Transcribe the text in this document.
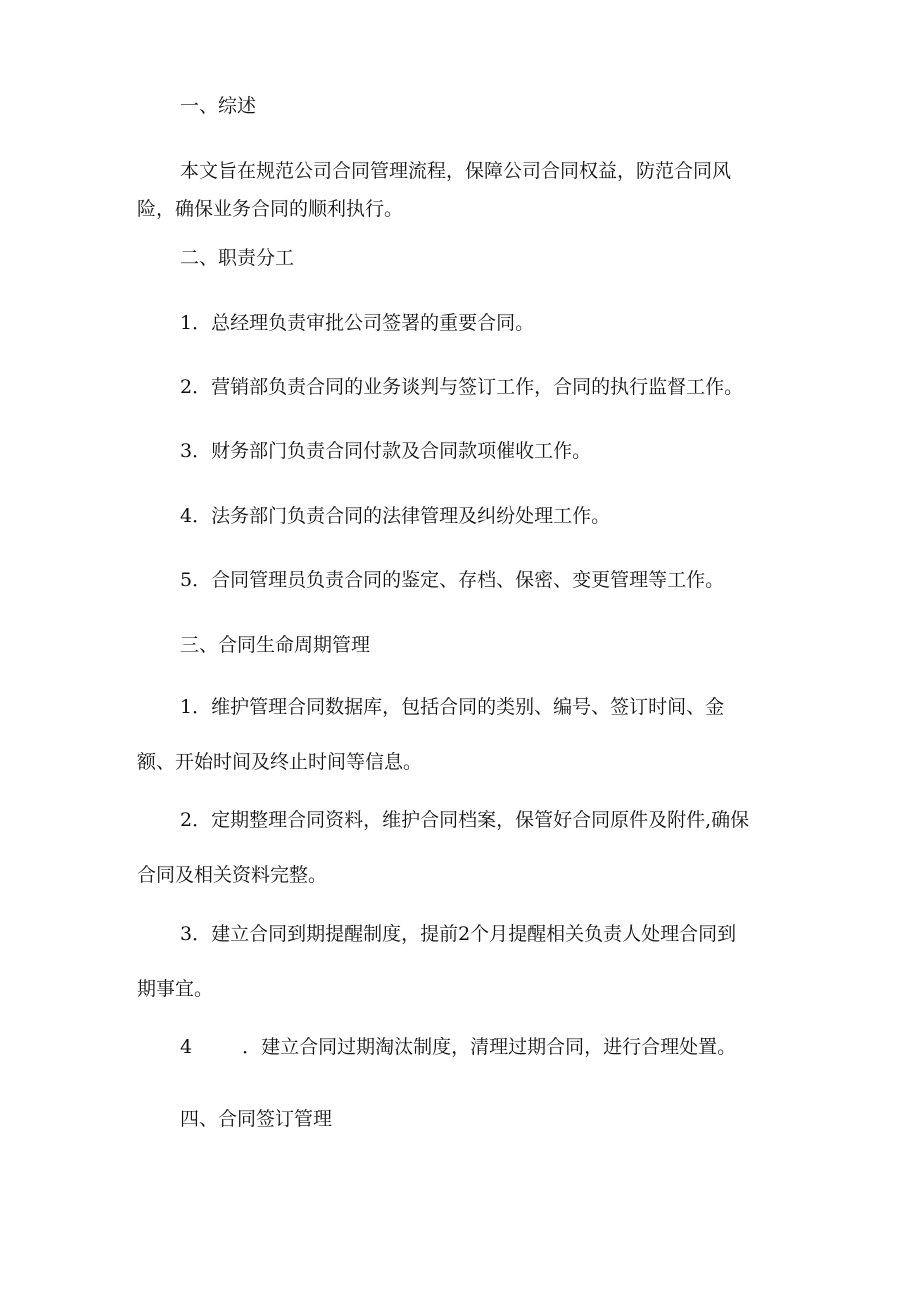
一、综述

本文旨在规范公司合同管理流程，保障公司合同权益，防范合同风
险，确保业务合同的顺利执行。

二、职责分工

1．总经理负责审批公司签署的重要合同。

2．营销部负责合同的业务谈判与签订工作，合同的执行监督工作。

3．财务部门负责合同付款及合同款项催收工作。

4．法务部门负责合同的法律管理及纠纷处理工作。

5．合同管理员负责合同的鉴定、存档、保密、变更管理等工作。

三、合同生命周期管理

1．维护管理合同数据库，包括合同的类别、编号、签订时间、金
额、开始时间及终止时间等信息。
2．定期整理合同资料，维护合同档案，保管好合同原件及附件,确保
合同及相关资料完整。
3．建立合同到期提醒制度，提前2个月提醒相关负责人处理合同到
期事宜。

4	．建立合同过期淘汰制度，清理过期合同，进行合理处置。

四、合同签订管理
